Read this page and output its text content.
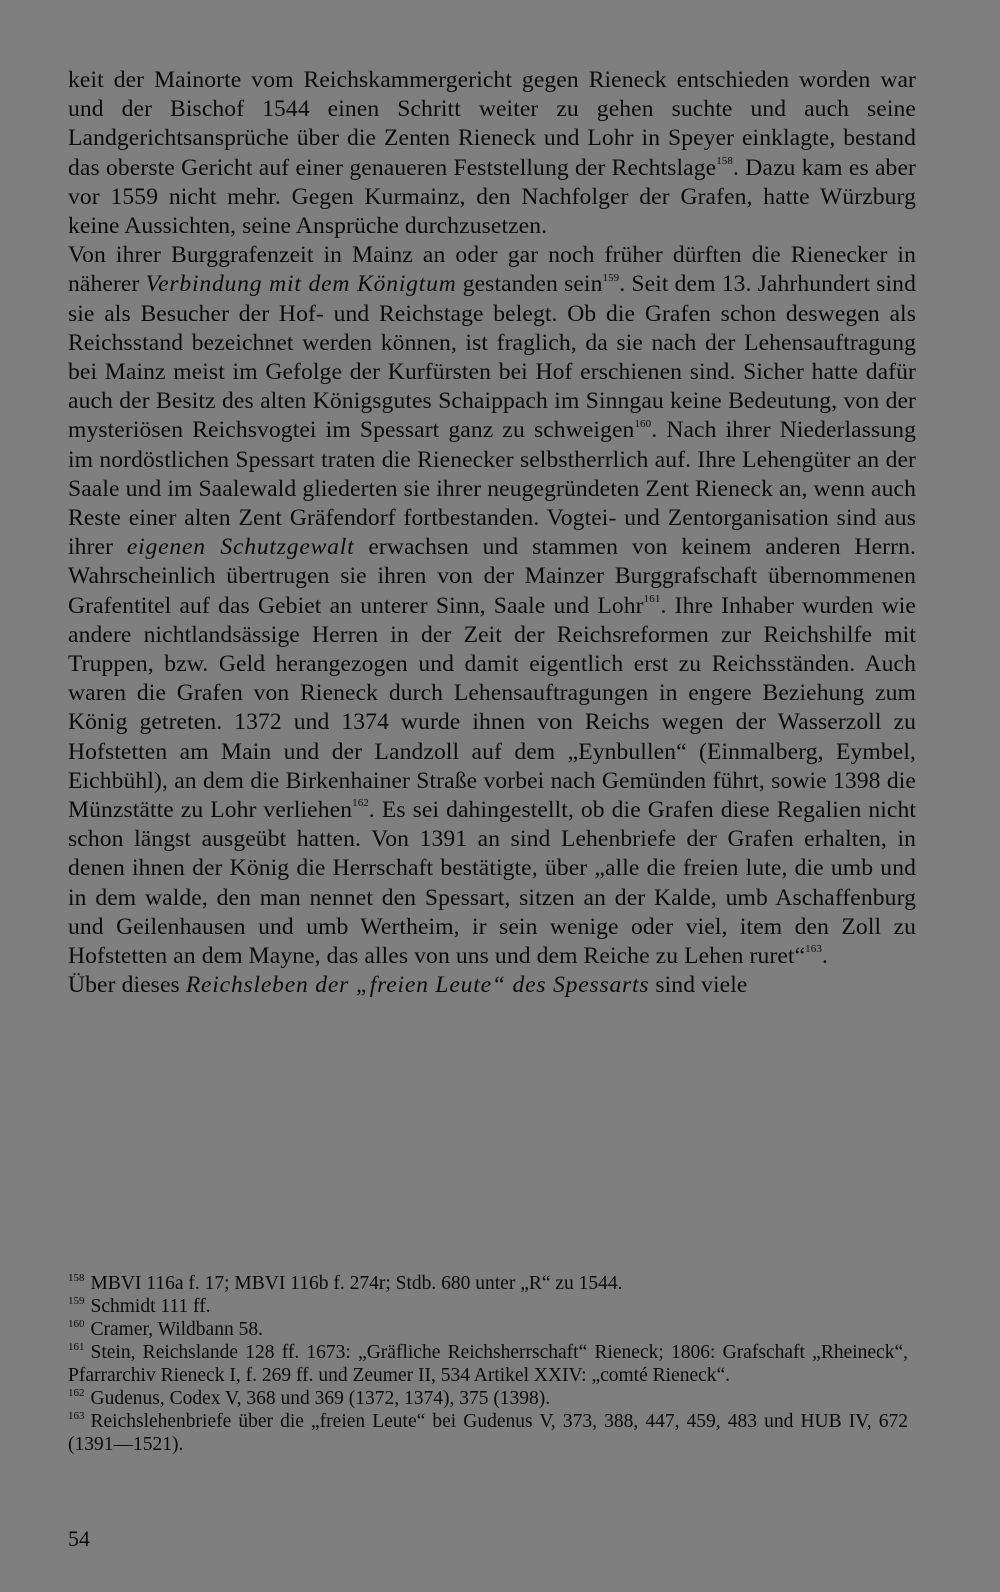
keit der Mainorte vom Reichskammergericht gegen Rieneck entschieden worden war und der Bischof 1544 einen Schritt weiter zu gehen suchte und auch seine Landgerichtsansprüche über die Zenten Rieneck und Lohr in Speyer einklagte, bestand das oberste Gericht auf einer genaueren Feststellung der Rechtslage$^{158}$. Dazu kam es aber vor 1559 nicht mehr. Gegen Kurmainz, den Nachfolger der Grafen, hatte Würzburg keine Aussichten, seine Ansprüche durchzusetzen.

Von ihrer Burggrafenzeit in Mainz an oder gar noch früher dürften die Rienecker in näherer Verbindung mit dem Königtum gestanden sein$^{159}$. Seit dem 13. Jahrhundert sind sie als Besucher der Hof- und Reichstage belegt. Ob die Grafen schon deswegen als Reichsstand bezeichnet werden können, ist fraglich, da sie nach der Lehensauftragung bei Mainz meist im Gefolge der Kurfürsten bei Hof erschienen sind. Sicher hatte dafür auch der Besitz des alten Königsgutes Schaippach im Sinngau keine Bedeutung, von der mysteriösen Reichsvogtei im Spessart ganz zu schweigen$^{160}$. Nach ihrer Niederlassung im nordöstlichen Spessart traten die Rienecker selbstherrlich auf. Ihre Lehengüter an der Saale und im Saalewald gliederten sie ihrer neugegründeten Zent Rieneck an, wenn auch Reste einer alten Zent Gräfendorf fortbestanden. Vogtei- und Zentorganisation sind aus ihrer eigenen Schutzgewalt erwachsen und stammen von keinem anderen Herrn. Wahrscheinlich übertrugen sie ihren von der Mainzer Burggrafschaft übernommenen Grafentitel auf das Gebiet an unterer Sinn, Saale und Lohr$^{161}$. Ihre Inhaber wurden wie andere nichtlandsässige Herren in der Zeit der Reichsreformen zur Reichshilfe mit Truppen, bzw. Geld herangezogen und damit eigentlich erst zu Reichsständen. Auch waren die Grafen von Rieneck durch Lehensauftragungen in engere Beziehung zum König getreten. 1372 und 1374 wurde ihnen von Reichs wegen der Wasserzoll zu Hofstetten am Main und der Landzoll auf dem „Eynbullen“ (Einmalberg, Eymbel, Eichbühl), an dem die Birkenhainer Straße vorbei nach Gemünden führt, sowie 1398 die Münzstätte zu Lohr verliehen$^{162}$. Es sei dahingestellt, ob die Grafen diese Regalien nicht schon längst ausgeübt hatten. Von 1391 an sind Lehenbriefe der Grafen erhalten, in denen ihnen der König die Herrschaft bestätigte, über „alle die freien lute, die umb und in dem walde, den man nennet den Spessart, sitzen an der Kalde, umb Aschaffenburg und Geilenhausen und umb Wertheim, ir sein wenige oder viel, item den Zoll zu Hofstetten an dem Mayne, das alles von uns und dem Reiche zu Lehen ruret“$^{163}$.

Über dieses Reichsleben der „freien Leute“ des Spessarts sind viele

$^{158}$ MBVI 116a f. 17; MBVI 116b f. 274r; Stdb. 680 unter „R“ zu 1544.

$^{159}$ Schmidt 111 ff.

$^{160}$ Cramer, Wildbann 58.

$^{161}$ Stein, Reichslande 128 ff. 1673: „Gräfliche Reichsherrschaft“ Rieneck; 1806: Grafschaft „Rheineck“, Pfarrarchiv Rieneck I, f. 269 ff. und Zeumer II, 534 Artikel XXIV: „comté Rieneck“.

$^{162}$ Gudenus, Codex V, 368 und 369 (1372, 1374), 375 (1398).

$^{163}$ Reichslehenbriefe über die „freien Leute“ bei Gudenus V, 373, 388, 447, 459, 483 und HUB IV, 672 (1391—1521).

54
